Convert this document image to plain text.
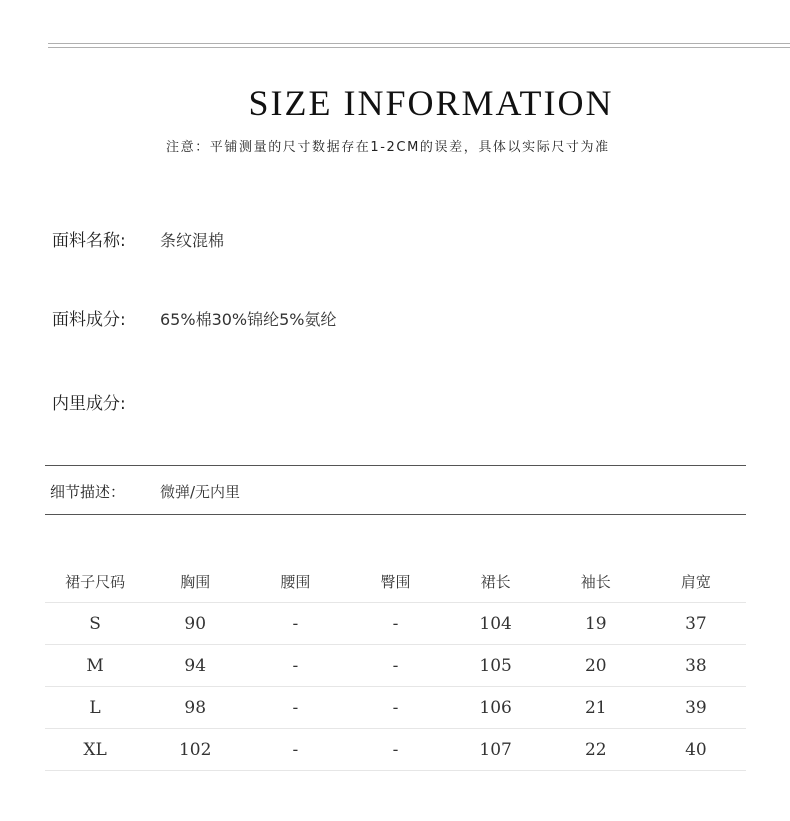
SIZE INFORMATION
注意：平铺测量的尺寸数据存在1-2CM的误差，具体以实际尺寸为准
面料名称: 条纹混棉
面料成分: 65%棉30%锦纶5%氨纶
内里成分:
细节描述： 微弹/无内里
裙子尺码	胸围	腰围	臀围	裙长	袖长	肩宽
S	90	-	-	104	19	37
M	94	-	-	105	20	38
L	98	-	-	106	21	39
XL	102	-	-	107	22	40
